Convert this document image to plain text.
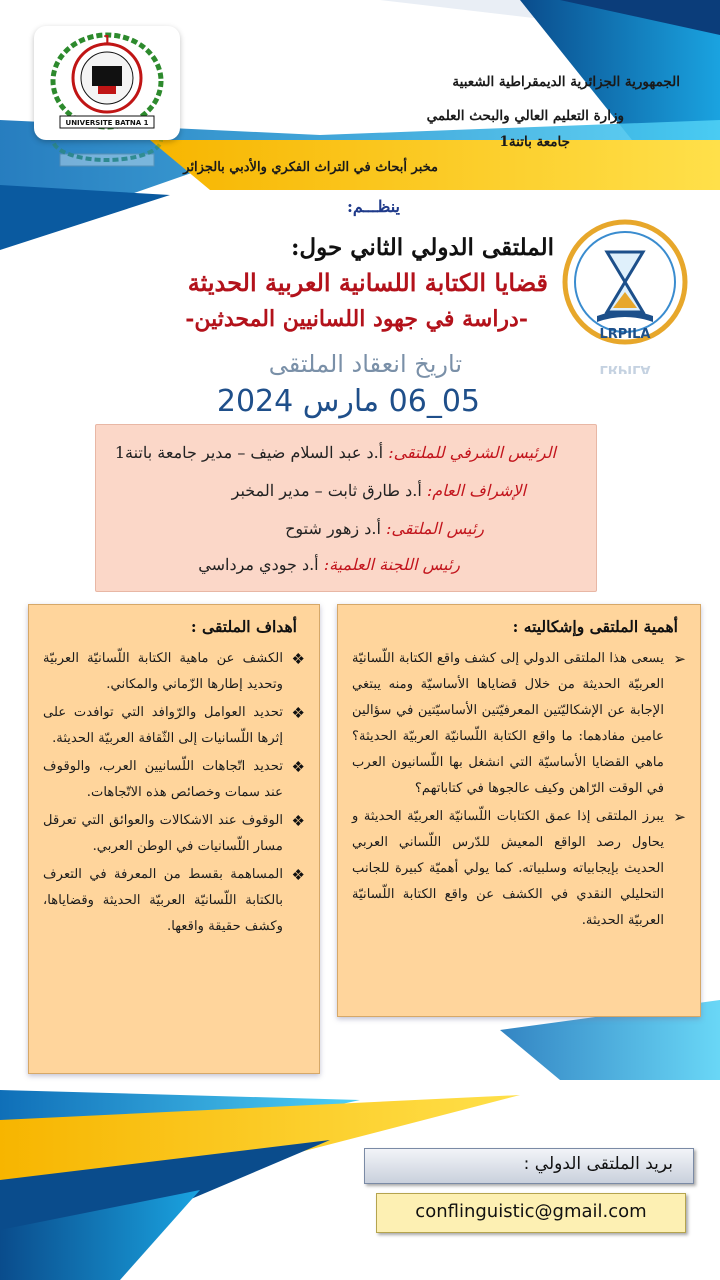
1
UNIVERSITE BATNA 1
LRPILA
LRPILA
الجمهورية الجزائرية الديمقراطية الشعبية
وزارة التعليم العالي والبحث العلمي
جامعة باتنة1
مخبر أبحاث في التراث الفكري والأدبي بالجزائر
ينظـــم:
الملتقى الدولي الثاني حول:
قضايا الكتابة اللسانية العربية الحديثة
-دراسة في جهود اللسانيين المحدثين-
تاريخ انعقاد الملتقى
05_06 مارس 2024
الرئيس الشرفي للملتقى: أ.د عبد السلام ضيف – مدير جامعة باتنة1
الإشراف العام: أ.د طارق ثابت – مدير المخبر
رئيس الملتقى: أ.د زهور شتوح
رئيس اللجنة العلمية: أ.د جودي مرداسي
أهمية الملتقى وإشكاليته :
➢
يسعى هذا الملتقى الدولي إلى كشف واقع الكتابة اللّسانيّة العربيّة الحديثة من خلال قضاياها الأساسيّة ومنه يبتغي الإجابة عن الإشكاليّتين المعرفيّتين الأساسيّتين في سؤالين عامين مفادهما: ما واقع الكتابة اللّسانيّة العربيّة الحديثة؟ ماهي القضايا الأساسيّة التي انشغل بها اللّسانيون العرب في الوقت الرّاهن وكيف عالجوها في كتاباتهم؟
➢
يبرز الملتقى إذا عمق الكتابات اللّسانيّة العربيّة الحديثة و يحاول رصد الواقع المعيش للدّرس اللّساني العربي الحديث بإيجابياته وسلبياته. كما يولي أهميّة كبيرة للجانب التحليلي النقدي في الكشف عن واقع الكتابة اللّسانيّة العربيّة الحديثة.
أهداف الملتقى :
❖
الكشف عن ماهية الكتابة اللّسانيّة العربيّة وتحديد إطارها الزّماني والمكاني.
❖
تحديد العوامل والرّوافد التي توافدت على إثرها اللّسانيات إلى الثّقافة العربيّة الحديثة.
❖
تحديد اتّجاهات اللّسانيين العرب، والوقوف عند سمات وخصائص هذه الاتّجاهات.
❖
الوقوف عند الاشكالات والعوائق التي تعرقل مسار اللّسانيات في الوطن العربي.
❖
المساهمة بقسط من المعرفة في التعرف بالكتابة اللّسانيّة العربيّة الحديثة وقضاياها، وكشف حقيقة واقعها.
بريد الملتقى الدولي :
conflinguistic@gmail.com
